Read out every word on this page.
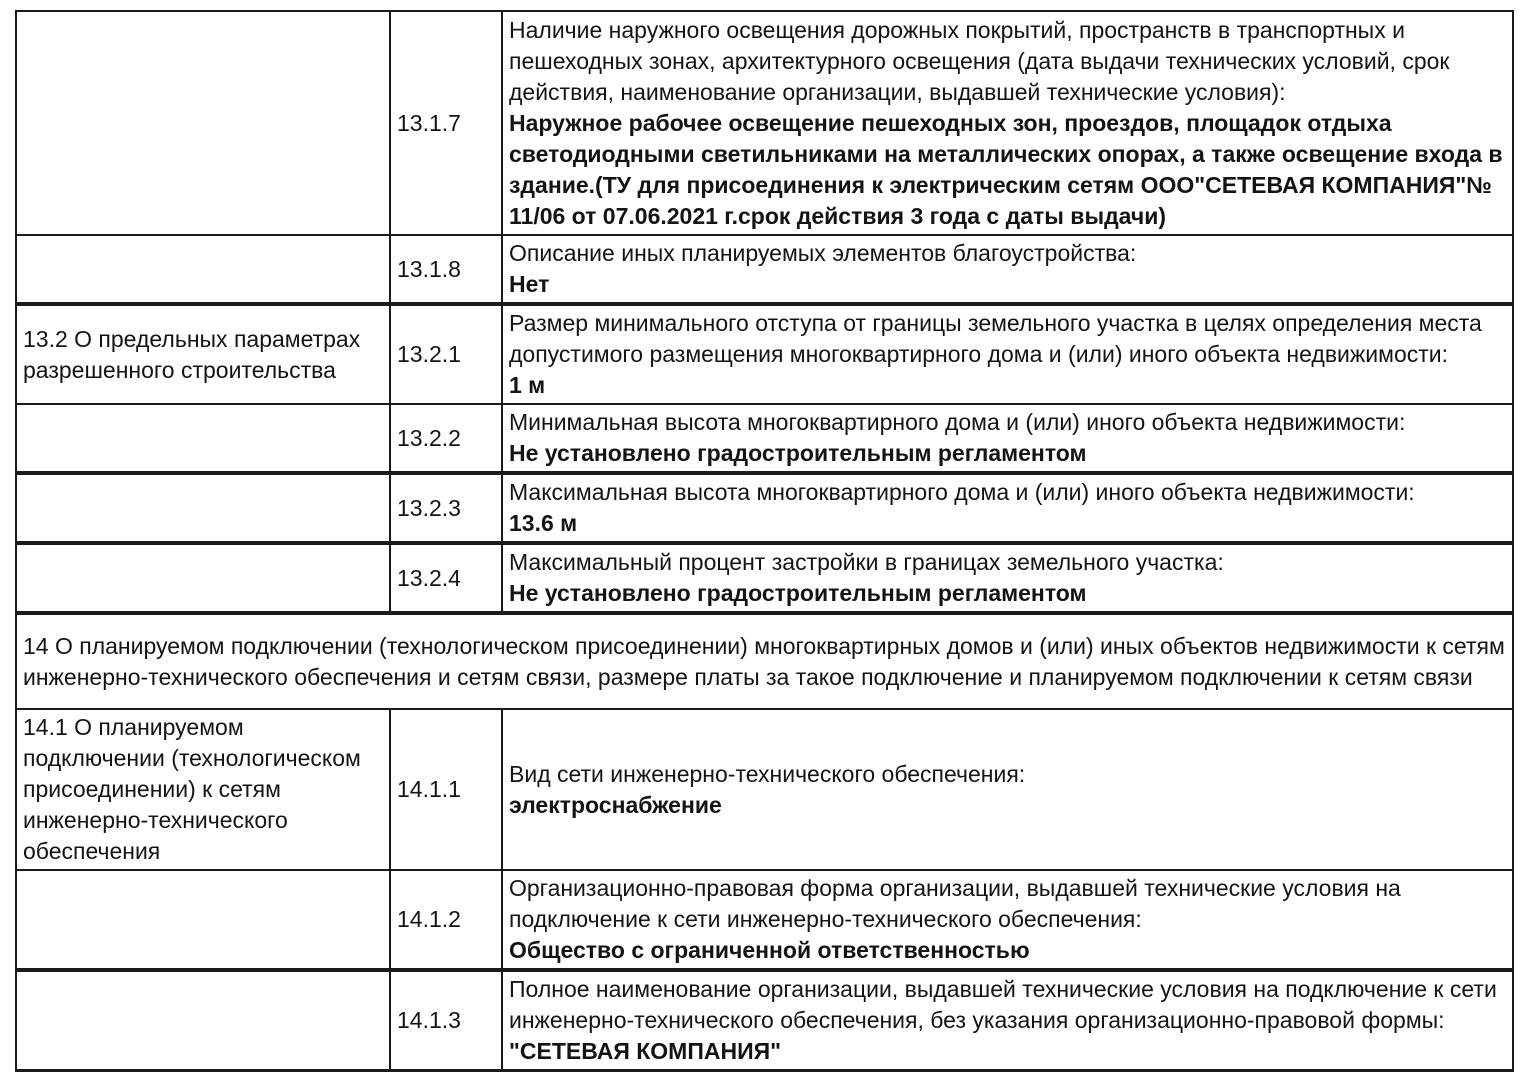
	13.1.7	Наличие наружного освещения дорожных покрытий, пространств в транспортных и пешеходных зонах, архитектурного освещения (дата выдачи технических условий, срок действия, наименование организации, выдавшей технические условия):
Наружное рабочее освещение пешеходных зон, проездов, площадок отдыха светодиодными светильниками на металлических опорах, а также освещение входа в здание.(ТУ для присоединения к электрическим сетям ООО"СЕТЕВАЯ КОМПАНИЯ"№ 11/06 от 07.06.2021 г.срок действия 3 года с даты выдачи)

	13.1.8	Описание иных планируемых элементов благоустройства:
Нет

13.2 О предельных параметрах разрешенного строительства	13.2.1	Размер минимального отступа от границы земельного участка в целях определения места допустимого размещения многоквартирного дома и (или) иного объекта недвижимости:
1 м

	13.2.2	Минимальная высота многоквартирного дома и (или) иного объекта недвижимости:
Не установлено градостроительным регламентом

	13.2.3	Максимальная высота многоквартирного дома и (или) иного объекта недвижимости:
13.6 м

	13.2.4	Максимальный процент застройки в границах земельного участка:
Не установлено градостроительным регламентом

14 О планируемом подключении (технологическом присоединении) многоквартирных домов и (или) иных объектов недвижимости к сетям инженерно-технического обеспечения и сетям связи, размере платы за такое подключение и планируемом подключении к сетям связи		
14.1 О планируемом подключении (технологическом присоединении) к сетям инженерно-технического обеспечения	14.1.1	Вид сети инженерно-технического обеспечения:
электроснабжение

	14.1.2	Организационно-правовая форма организации, выдавшей технические условия на подключение к сети инженерно-технического обеспечения:
Общество с ограниченной ответственностью

	14.1.3	Полное наименование организации, выдавшей технические условия на подключение к сети инженерно-технического обеспечения, без указания организационно-правовой формы:
"СЕТЕВАЯ КОМПАНИЯ"
